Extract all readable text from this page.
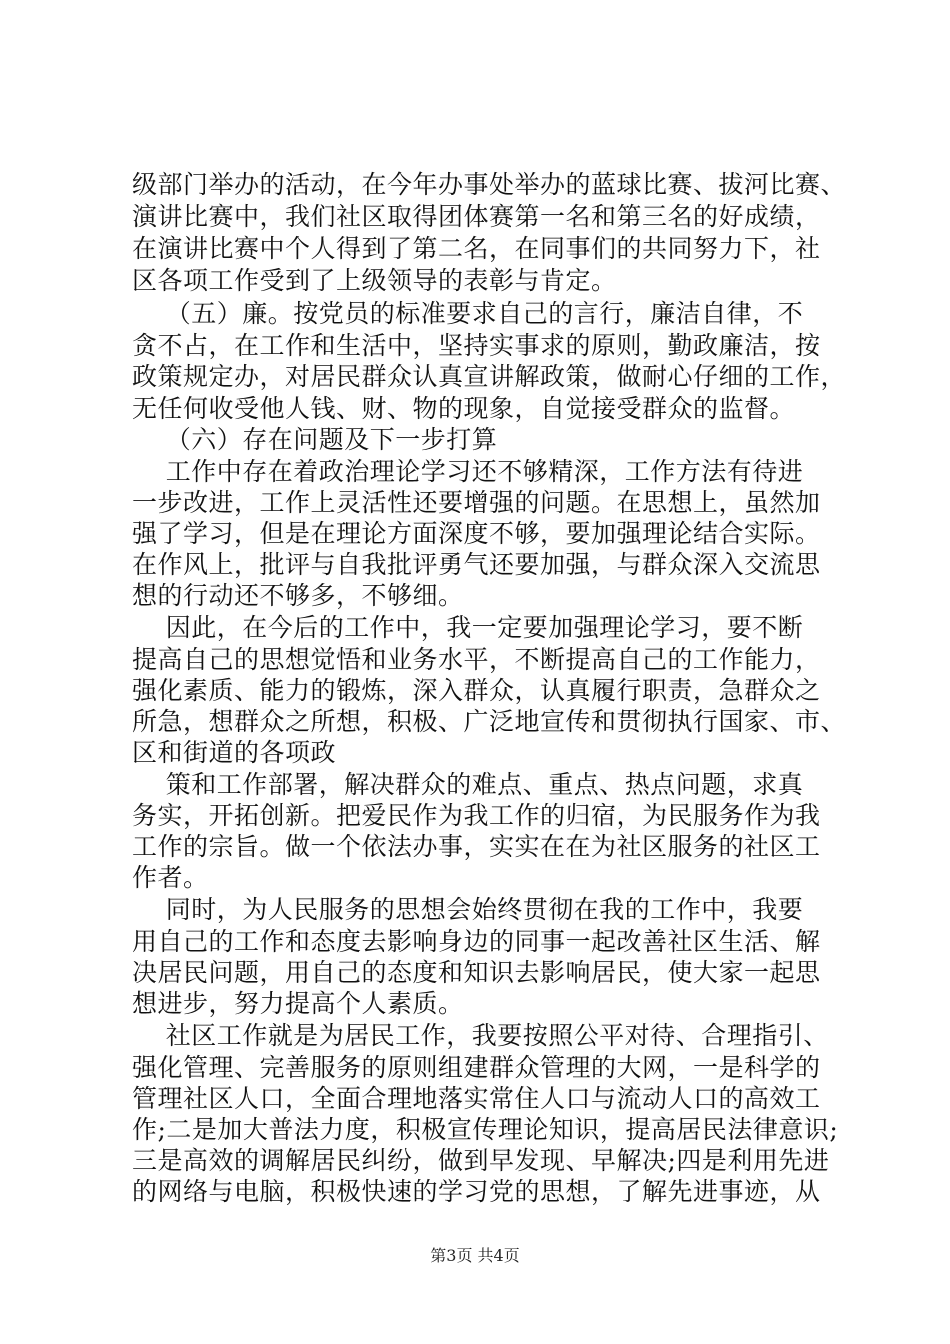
级部门举办的活动，在今年办事处举办的蓝球比赛、拔河比赛、
演讲比赛中，我们社区取得团体赛第一名和第三名的好成绩，
在演讲比赛中个人得到了第二名，在同事们的共同努力下，社
区各项工作受到了上级领导的表彰与肯定。
（五）廉。按党员的标准要求自己的言行，廉洁自律，不
贪不占，在工作和生活中，坚持实事求的原则，勤政廉洁，按
政策规定办，对居民群众认真宣讲解政策，做耐心仔细的工作，
无任何收受他人钱、财、物的现象，自觉接受群众的监督。
（六）存在问题及下一步打算
工作中存在着政治理论学习还不够精深，工作方法有待进
一步改进，工作上灵活性还要增强的问题。在思想上，虽然加
强了学习，但是在理论方面深度不够，要加强理论结合实际。
在作风上，批评与自我批评勇气还要加强，与群众深入交流思
想的行动还不够多，不够细。
因此，在今后的工作中，我一定要加强理论学习，要不断
提高自己的思想觉悟和业务水平，不断提高自己的工作能力，
强化素质、能力的锻炼，深入群众，认真履行职责，急群众之
所急，想群众之所想，积极、广泛地宣传和贯彻执行国家、市、
区和街道的各项政
策和工作部署，解决群众的难点、重点、热点问题，求真
务实，开拓创新。把爱民作为我工作的归宿，为民服务作为我
工作的宗旨。做一个依法办事，实实在在为社区服务的社区工
作者。
同时，为人民服务的思想会始终贯彻在我的工作中，我要
用自己的工作和态度去影响身边的同事一起改善社区生活、解
决居民问题，用自己的态度和知识去影响居民，使大家一起思
想进步，努力提高个人素质。
社区工作就是为居民工作，我要按照公平对待、合理指引、
强化管理、完善服务的原则组建群众管理的大网，一是科学的
管理社区人口，全面合理地落实常住人口与流动人口的高效工
作;二是加大普法力度，积极宣传理论知识，提高居民法律意识;
三是高效的调解居民纠纷，做到早发现、早解决;四是利用先进
的网络与电脑，积极快速的学习党的思想，了解先进事迹，从
第3页 共4页
